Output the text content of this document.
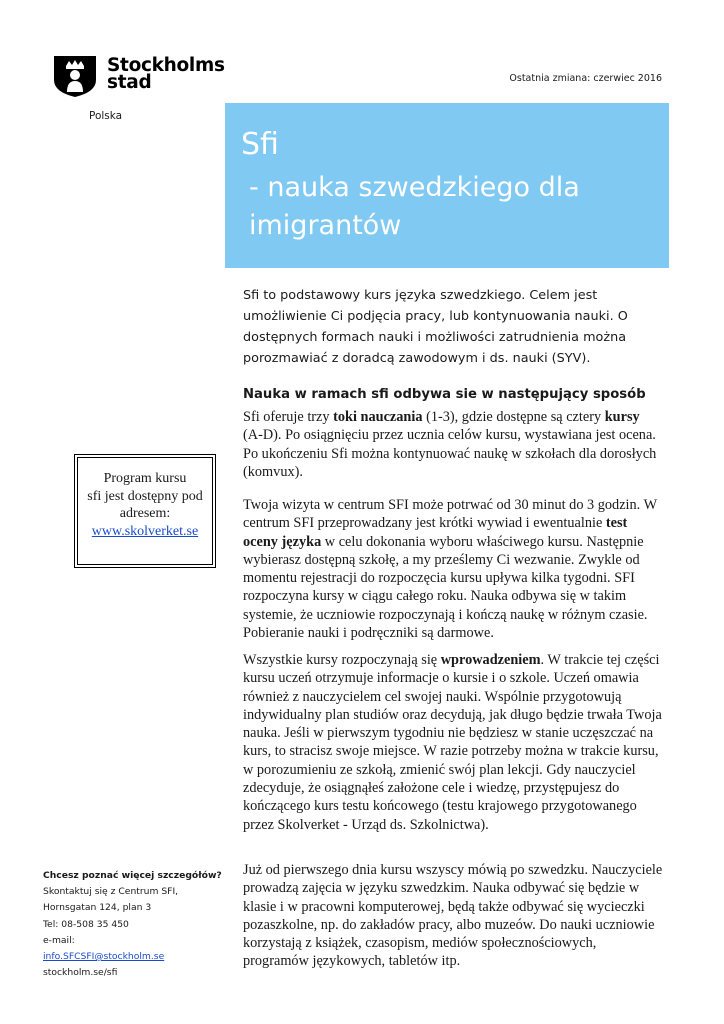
Stockholms
stad
Polska
Ostatnia zmiana: czerwiec 2016
Sfi
- nauka szwedzkiego dla
imigrantów

Sfi to podstawowy kurs języka szwedzkiego. Celem jest umożliwienie Ci podjęcia pracy, lub kontynuowania nauki. O dostępnych formach nauki i możliwości zatrudnienia można porozmawiać z doradcą zawodowym i ds. nauki (SYV).

Nauka w ramach sfi odbywa sie w następujący sposób

Sfi oferuje trzy toki nauczania (1-3), gdzie dostępne są cztery kursy (A-D). Po osiągnięciu przez ucznia celów kursu, wystawiana jest ocena. Po ukończeniu Sfi można kontynuować naukę w szkołach dla dorosłych (komvux).

Twoja wizyta w centrum SFI może potrwać od 30 minut do 3 godzin. W centrum SFI przeprowadzany jest krótki wywiad i ewentualnie test oceny języka w celu dokonania wyboru właściwego kursu. Następnie wybierasz dostępną szkołę, a my prześlemy Ci wezwanie. Zwykle od momentu rejestracji do rozpoczęcia kursu upływa kilka tygodni. SFI rozpoczyna kursy w ciągu całego roku. Nauka odbywa się w takim systemie, że uczniowie rozpoczynają i kończą naukę w różnym czasie. Pobieranie nauki i podręczniki są darmowe.

Wszystkie kursy rozpoczynają się wprowadzeniem. W trakcie tej części kursu uczeń otrzymuje informacje o kursie i o szkole. Uczeń omawia również z nauczycielem cel swojej nauki. Wspólnie przygotowują indywidualny plan studiów oraz decydują, jak długo będzie trwała Twoja nauka. Jeśli w pierwszym tygodniu nie będziesz w stanie uczęszczać na kurs, to stracisz swoje miejsce. W razie potrzeby można w trakcie kursu, w porozumieniu ze szkołą, zmienić swój plan lekcji. Gdy nauczyciel zdecyduje, że osiągnąłeś założone cele i wiedzę, przystępujesz do kończącego kurs testu końcowego (testu krajowego przygotowanego przez Skolverket - Urząd ds. Szkolnictwa).

Już od pierwszego dnia kursu wszyscy mówią po szwedzku. Nauczyciele prowadzą zajęcia w języku szwedzkim. Nauka odbywać się będzie w klasie i w pracowni komputerowej, będą także odbywać się wycieczki pozaszkolne, np. do zakładów pracy, albo muzeów. Do nauki uczniowie korzystają z książek, czasopism, mediów społecznościowych, programów językowych, tabletów itp.

Program kursu
sfi jest dostępny pod
adresem:
www.skolverket.se
Chcesz poznać więcej szczegółów?
Skontaktuj się z Centrum SFI,
Hornsgatan 124, plan 3
Tel: 08-508 35 450
e-mail:
info.SFCSFI@stockholm.se
stockholm.se/sfi
